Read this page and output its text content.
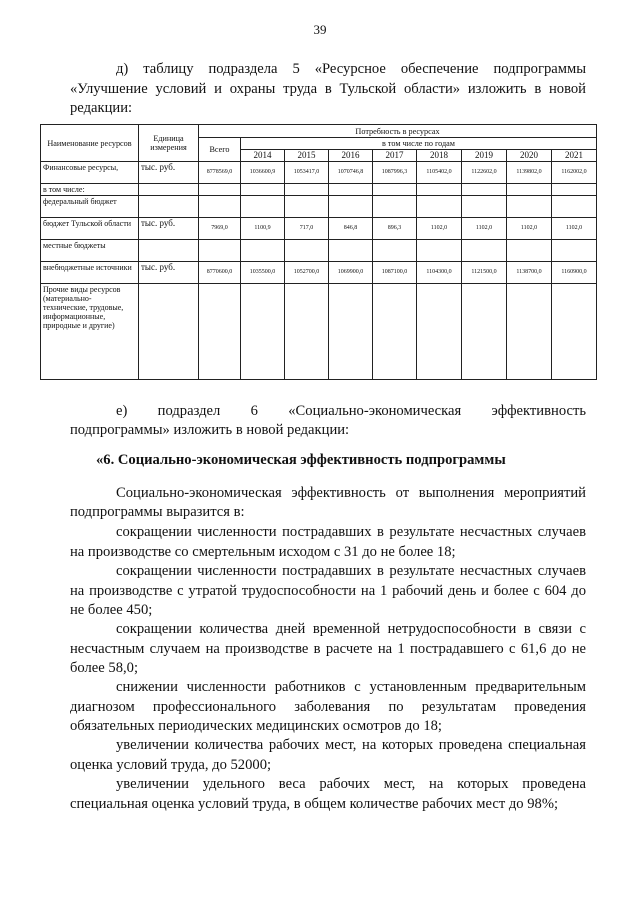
39
д) таблицу подраздела 5 «Ресурсное обеспечение подпрограммы
«Улучшение условий и охраны труда в Тульской области» изложить в новой
редакции:
Наименование ресурсов	Единица измерения	Потребность в ресурсах								
		Всего	в том числе по годам							
			2014	2015	2016	2017	2018	2019	2020	2021
Финансовые ресурсы,	тыс. руб.	8778569,0	1036600,9	1053417,0	1070746,8	1087996,3	1105402,0	1122602,0	1139802,0	1162002,0
в том числе:										
федеральный бюджет										
бюджет Тульской области	тыс. руб.	7969,0	1100,9	717,0	846,8	896,3	1102,0	1102,0	1102,0	1102,0
местные бюджеты										
внебюджетные источники	тыс. руб.	8770600,0	1035500,0	1052700,0	1069900,0	1087100,0	1104300,0	1121500,0	1138700,0	1160900,0
Прочие виды ресурсов (материально-технические, трудовые, информационные, природные и другие)										
е) подраздел 6 «Социально-экономическая эффективность
подпрограммы» изложить в новой редакции:
«6. Социально-экономическая эффективность подпрограммы
Социально-экономическая эффективность от выполнения мероприятий
подпрограммы выразится в:
сокращении численности пострадавших в результате несчастных случаев на производстве со смертельным исходом с 31 до не более 18;
сокращении численности пострадавших в результате несчастных случаев на производстве с утратой трудоспособности на 1 рабочий день и более с 604 до не более 450;
сокращении количества дней временной нетрудоспособности в связи с несчастным случаем на производстве в расчете на 1 пострадавшего с 61,6 до не более 58,0;
снижении численности работников с установленным предварительным диагнозом профессионального заболевания по результатам проведения обязательных периодических медицинских осмотров до 18;
увеличении количества рабочих мест, на которых проведена специальная оценка условий труда, до 52000;
увеличении удельного веса рабочих мест, на которых проведена специальная оценка условий труда, в общем количестве рабочих мест до 98%;
